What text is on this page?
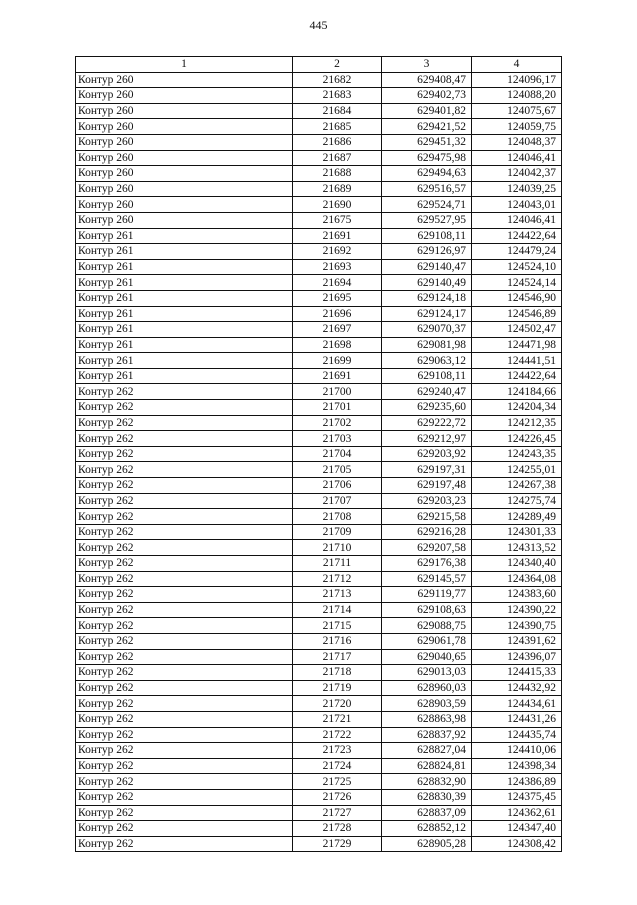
445
1	2	3	4
Контур 260	21682	629408,47	124096,17
Контур 260	21683	629402,73	124088,20
Контур 260	21684	629401,82	124075,67
Контур 260	21685	629421,52	124059,75
Контур 260	21686	629451,32	124048,37
Контур 260	21687	629475,98	124046,41
Контур 260	21688	629494,63	124042,37
Контур 260	21689	629516,57	124039,25
Контур 260	21690	629524,71	124043,01
Контур 260	21675	629527,95	124046,41
Контур 261	21691	629108,11	124422,64
Контур 261	21692	629126,97	124479,24
Контур 261	21693	629140,47	124524,10
Контур 261	21694	629140,49	124524,14
Контур 261	21695	629124,18	124546,90
Контур 261	21696	629124,17	124546,89
Контур 261	21697	629070,37	124502,47
Контур 261	21698	629081,98	124471,98
Контур 261	21699	629063,12	124441,51
Контур 261	21691	629108,11	124422,64
Контур 262	21700	629240,47	124184,66
Контур 262	21701	629235,60	124204,34
Контур 262	21702	629222,72	124212,35
Контур 262	21703	629212,97	124226,45
Контур 262	21704	629203,92	124243,35
Контур 262	21705	629197,31	124255,01
Контур 262	21706	629197,48	124267,38
Контур 262	21707	629203,23	124275,74
Контур 262	21708	629215,58	124289,49
Контур 262	21709	629216,28	124301,33
Контур 262	21710	629207,58	124313,52
Контур 262	21711	629176,38	124340,40
Контур 262	21712	629145,57	124364,08
Контур 262	21713	629119,77	124383,60
Контур 262	21714	629108,63	124390,22
Контур 262	21715	629088,75	124390,75
Контур 262	21716	629061,78	124391,62
Контур 262	21717	629040,65	124396,07
Контур 262	21718	629013,03	124415,33
Контур 262	21719	628960,03	124432,92
Контур 262	21720	628903,59	124434,61
Контур 262	21721	628863,98	124431,26
Контур 262	21722	628837,92	124435,74
Контур 262	21723	628827,04	124410,06
Контур 262	21724	628824,81	124398,34
Контур 262	21725	628832,90	124386,89
Контур 262	21726	628830,39	124375,45
Контур 262	21727	628837,09	124362,61
Контур 262	21728	628852,12	124347,40
Контур 262	21729	628905,28	124308,42
